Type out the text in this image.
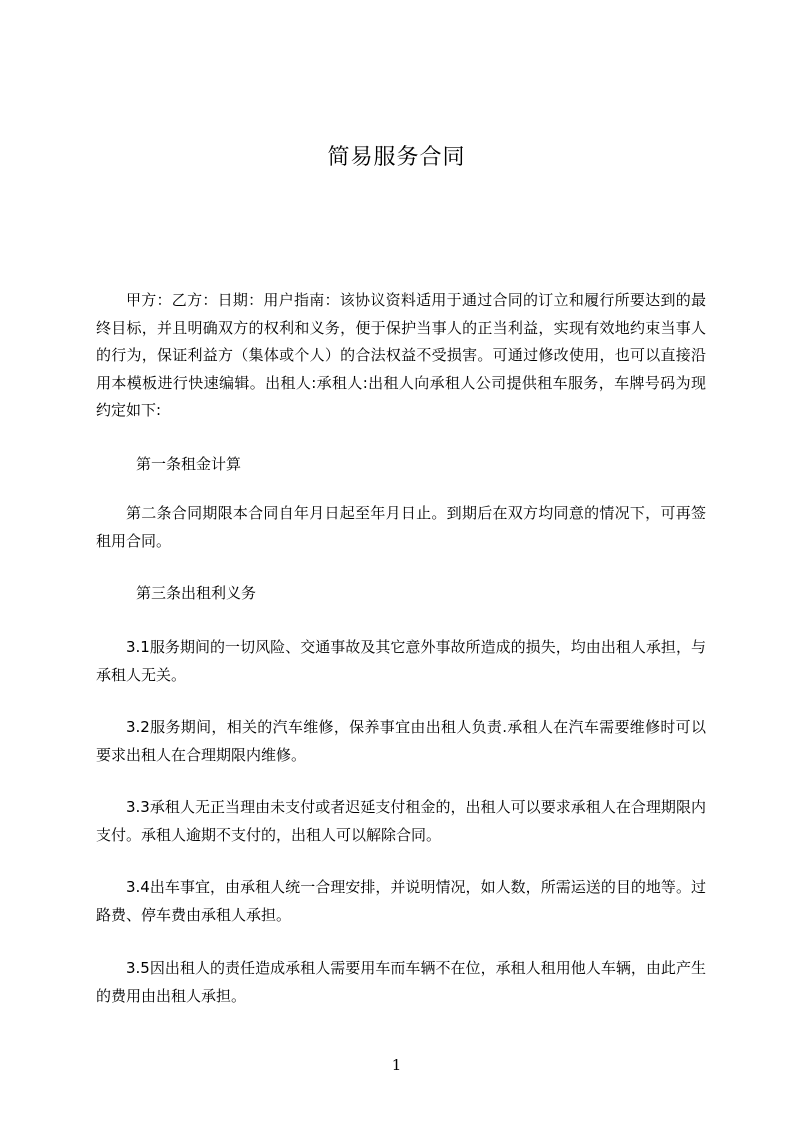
简易服务合同

甲方：乙方：日期：用户指南：该协议资料适用于通过合同的订立和履行所要达到的最终目标，并且明确双方的权利和义务，便于保护当事人的正当利益，实现有效地约束当事人的行为，保证利益方（集体或个人）的合法权益不受损害。可通过修改使用，也可以直接沿用本模板进行快速编辑。出租人:承租人:出租人向承租人公司提供租车服务，车牌号码为现约定如下:

第一条租金计算

第二条合同期限本合同自年月日起至年月日止。到期后在双方均同意的情况下，可再签租用合同。

第三条出租利义务

3.1服务期间的一切风险、交通事故及其它意外事故所造成的损失，均由出租人承担，与承租人无关。

3.2服务期间，相关的汽车维修，保养事宜由出租人负责.承租人在汽车需要维修时可以要求出租人在合理期限内维修。

3.3承租人无正当理由未支付或者迟延支付租金的，出租人可以要求承租人在合理期限内支付。承租人逾期不支付的，出租人可以解除合同。

3.4出车事宜，由承租人统一合理安排，并说明情况，如人数，所需运送的目的地等。过路费、停车费由承租人承担。

3.5因出租人的责任造成承租人需要用车而车辆不在位，承租人租用他人车辆，由此产生的费用由出租人承担。

1
